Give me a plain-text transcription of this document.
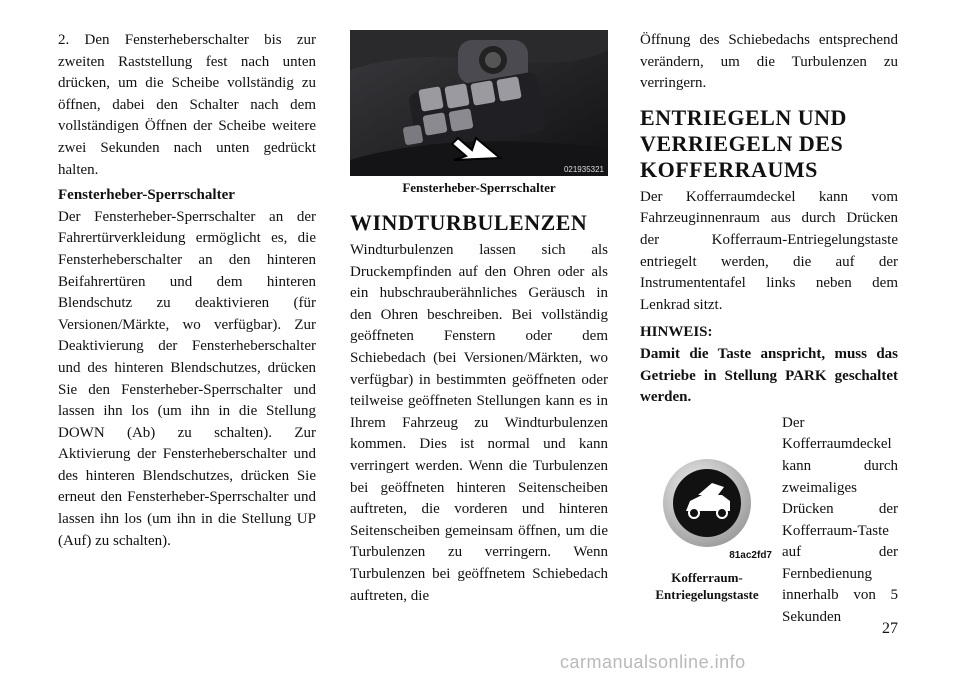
2. Den Fensterheberschalter bis zur zweiten Raststellung fest nach unten drücken, um die Scheibe vollständig zu öffnen, dabei den Schalter nach dem vollständigen Öffnen der Scheibe weitere zwei Sekunden nach unten gedrückt halten.

Fensterheber-Sperrschalter

Der Fensterheber-Sperrschalter an der Fahrertürverkleidung ermöglicht es, die Fensterheberschalter an den hinteren Beifahrertüren und dem hinteren Blendschutz zu deaktivieren (für Versionen/Märkte, wo verfügbar). Zur Deaktivierung der Fensterheberschalter und des hinteren Blendschutzes, drücken Sie den Fensterheber-Sperrschalter und lassen ihn los (um ihn in die Stellung DOWN (Ab) zu schalten). Zur Aktivierung der Fensterheberschalter und des hinteren Blendschutzes, drücken Sie erneut den Fensterheber-Sperrschalter und lassen ihn los (um ihn in die Stellung UP (Auf) zu schalten).

021935321
Fensterheber-Sperrschalter
WINDTURBULENZEN

Windturbulenzen lassen sich als Druckempfinden auf den Ohren oder als ein hubschrauberähnliches Geräusch in den Ohren beschreiben. Bei vollständig geöffneten Fenstern oder dem Schiebedach (bei Versionen/Märkten, wo verfügbar) in bestimmten geöffneten oder teilweise geöffneten Stellungen kann es in Ihrem Fahrzeug zu Windturbulenzen kommen. Dies ist normal und kann verringert werden. Wenn die Turbulenzen bei geöffneten hinteren Seitenscheiben auftreten, die vorderen und hinteren Seitenscheiben gemeinsam öffnen, um die Turbulenzen zu verringern. Wenn Turbulenzen bei geöffnetem Schiebedach auftreten, die

Öffnung des Schiebedachs entsprechend verändern, um die Turbulenzen zu verringern.

ENTRIEGELN UND VERRIEGELN DES KOFFERRAUMS

Der Kofferraumdeckel kann vom Fahrzeuginnenraum aus durch Drücken der Kofferraum-Entriegelungstaste entriegelt werden, die auf der Instrumententafel links neben dem Lenkrad sitzt.

HINWEIS:

Damit die Taste anspricht, muss das Getriebe in Stellung PARK geschaltet werden.

81ac2fd7
Kofferraum-Entriegelungstaste

Der Kofferraumdeckel kann durch zweimaliges Drücken der Kofferraum-Taste auf der Fernbedienung innerhalb von 5 Sekunden

27
carmanualsonline.info
